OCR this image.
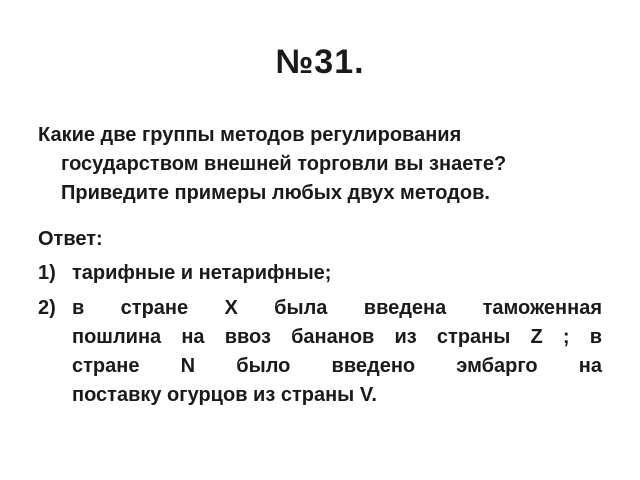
№31.
Какие две группы методов регулирования
государством внешней торговли вы знаете?
Приведите примеры любых двух методов.
Ответ:
1) тарифные и нетарифные;
2) в стране Х была введена таможенная
пошлина на ввоз бананов из страны Z ; в
стране N было введено эмбарго на
поставку огурцов из страны V.
